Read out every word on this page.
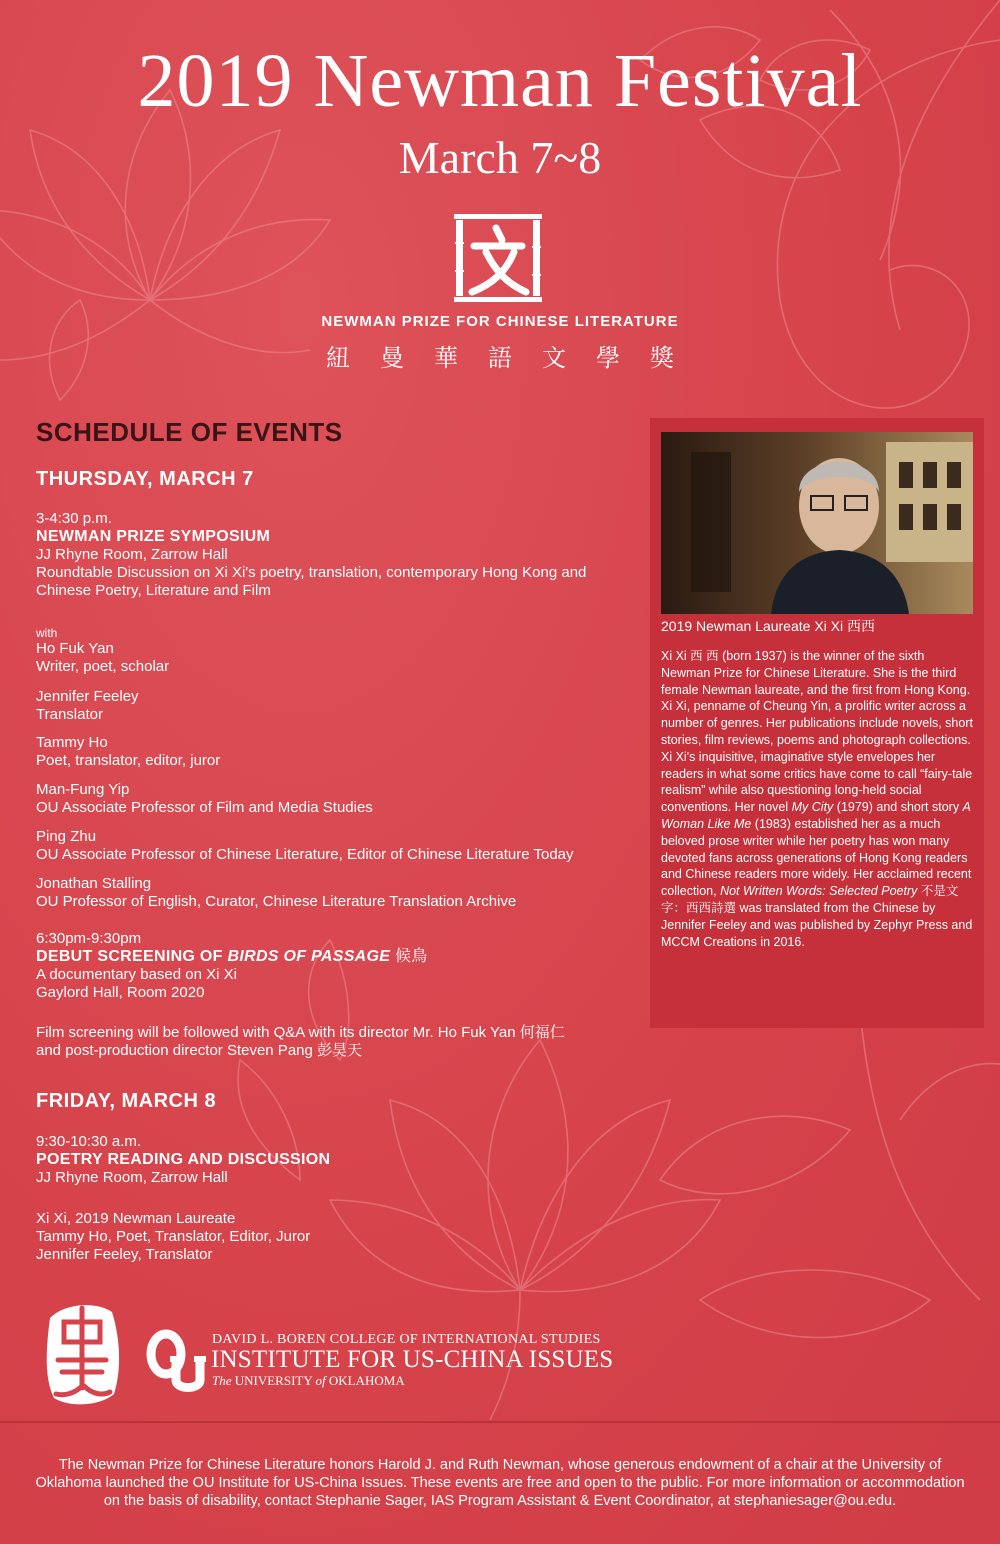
2019 Newman Festival
March 7~8
NEWMAN PRIZE FOR CHINESE LITERATURE
紐曼華語文學獎
SCHEDULE OF EVENTS
THURSDAY, MARCH 7
3-4:30 p.m.
NEWMAN PRIZE SYMPOSIUM
JJ Rhyne Room, Zarrow Hall
Roundtable Discussion on Xi Xi's poetry, translation, contemporary Hong Kong and Chinese Poetry, Literature and Film
with
Ho Fuk Yan
Writer, poet, scholar
Jennifer Feeley
Translator
Tammy Ho
Poet, translator, editor, juror
Man-Fung Yip
OU Associate Professor of Film and Media Studies
Ping Zhu
OU Associate Professor of Chinese Literature, Editor of Chinese Literature Today
Jonathan Stalling
OU Professor of English, Curator, Chinese Literature Translation Archive
6:30pm-9:30pm
DEBUT SCREENING OF BIRDS OF PASSAGE 候鳥
A documentary based on Xi Xi
Gaylord Hall, Room 2020
Film screening will be followed with Q&A with its director Mr. Ho Fuk Yan 何福仁
and post-production director Steven Pang 彭昊天
FRIDAY, MARCH 8
9:30-10:30 a.m.
POETRY READING AND DISCUSSION
JJ Rhyne Room, Zarrow Hall
Xi Xi, 2019 Newman Laureate
Tammy Ho, Poet, Translator, Editor, Juror
Jennifer Feeley, Translator
2019 Newman Laureate Xi Xi 西西
Xi Xi 西 西 (born 1937) is the winner of the sixth Newman Prize for Chinese Literature. She is the third female Newman laureate, and the first from Hong Kong. Xi Xi, penname of Cheung Yin, a prolific writer across a number of genres. Her publications include novels, short stories, film reviews, poems and photograph collections. Xi Xi's inquisitive, imaginative style envelopes her readers in what some critics have come to call “fairy-tale realism” while also questioning long-held social conventions. Her novel My City (1979) and short story A Woman Like Me (1983) established her as a much beloved prose writer while her poetry has won many devoted fans across generations of Hong Kong readers and Chinese readers more widely. Her acclaimed recent collection, Not Written Words: Selected Poetry 不是文字：西西詩選 was translated from the Chinese by Jennifer Feeley and was published by Zephyr Press and MCCM Creations in 2016.
DAVID L. BOREN COLLEGE OF INTERNATIONAL STUDIES
INSTITUTE FOR US-CHINA ISSUES
The UNIVERSITY of OKLAHOMA
The Newman Prize for Chinese Literature honors Harold J. and Ruth Newman, whose generous endowment of a chair at the University of Oklahoma launched the OU Institute for US-China Issues. These events are free and open to the public. For more information or accommodation on the basis of disability, contact Stephanie Sager, IAS Program Assistant & Event Coordinator, at stephaniesager@ou.edu.
